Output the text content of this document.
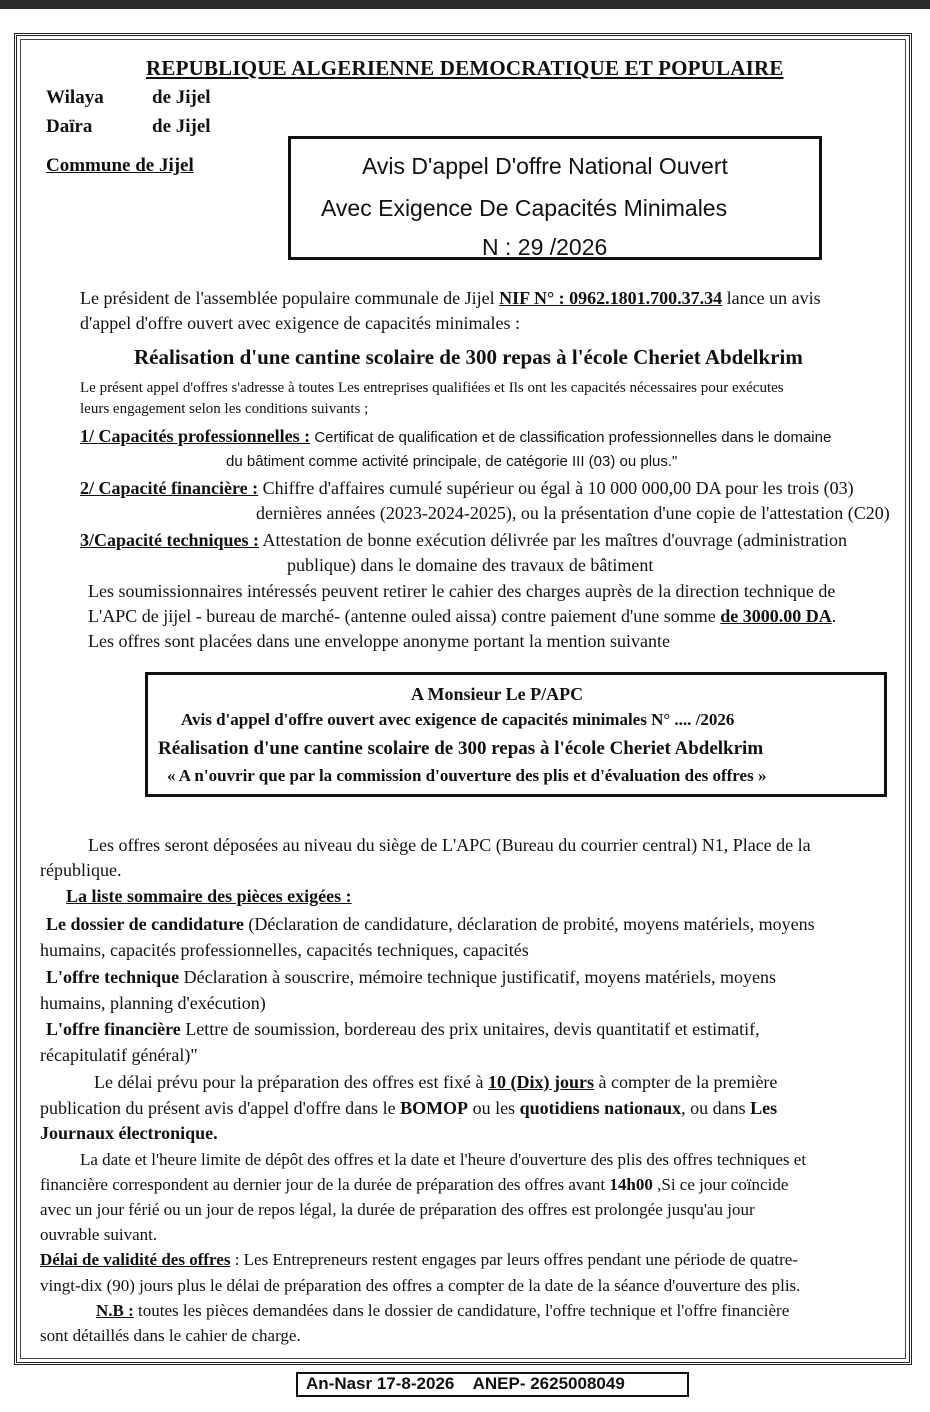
REPUBLIQUE ALGERIENNE DEMOCRATIQUE ET POPULAIRE
Wilaya	de Jijel
Daïra	de Jijel
Commune de Jijel	Avis D'appel D'offre National Ouvert
Avec Exigence De Capacités Minimales
N : 29 /2026
Le président de l'assemblée populaire communale de Jijel NIF N° : 0962.1801.700.37.34 lance un avis
d'appel d'offre ouvert avec exigence de capacités minimales :
Réalisation d'une cantine scolaire de 300 repas à l'école Cheriet Abdelkrim
Le présent appel d'offres s'adresse à toutes Les entreprises qualifiées et Ils ont les capacités nécessaires pour exécutes
leurs engagement selon les conditions suivants ;
1/ Capacités professionnelles : Certificat de qualification et de classification professionnelles dans le domaine
du bâtiment comme activité principale, de catégorie III (03) ou plus."
2/ Capacité financière : Chiffre d'affaires cumulé supérieur ou égal à 10 000 000,00 DA pour les trois (03)
dernières années (2023-2024-2025), ou la présentation d'une copie de l'attestation (C20)
3/Capacité techniques : Attestation de bonne exécution délivrée par les maîtres d'ouvrage (administration
publique) dans le domaine des travaux de bâtiment
Les soumissionnaires intéressés peuvent retirer le cahier des charges auprès de la direction technique de
L'APC de jijel - bureau de marché- (antenne ouled aissa) contre paiement d'une somme de 3000.00 DA.
Les offres sont placées dans une enveloppe anonyme portant la mention suivante
A Monsieur Le P/APC
Avis d'appel d'offre ouvert avec exigence de capacités minimales N° .... /2026
Réalisation d'une cantine scolaire de 300 repas à l'école Cheriet Abdelkrim
« A n'ouvrir que par la commission d'ouverture des plis et d'évaluation des offres »
Les offres seront déposées au niveau du siège de L'APC (Bureau du courrier central) N1, Place de la
république.
La liste sommaire des pièces exigées :
Le dossier de candidature (Déclaration de candidature, déclaration de probité, moyens matériels, moyens
humains, capacités professionnelles, capacités techniques, capacités
L'offre technique Déclaration à souscrire, mémoire technique justificatif, moyens matériels, moyens
humains, planning d'exécution)
L'offre financière Lettre de soumission, bordereau des prix unitaires, devis quantitatif et estimatif,
récapitulatif général)"
Le délai prévu pour la préparation des offres est fixé à 10 (Dix) jours à compter de la première
publication du présent avis d'appel d'offre dans le BOMOP ou les quotidiens nationaux, ou dans Les
Journaux électronique.
La date et l'heure limite de dépôt des offres et la date et l'heure d'ouverture des plis des offres techniques et
financière correspondent au dernier jour de la durée de préparation des offres avant 14h00 ,Si ce jour coïncide
avec un jour férié ou un jour de repos légal, la durée de préparation des offres est prolongée jusqu'au jour
ouvrable suivant.
Délai de validité des offres : Les Entrepreneurs restent engages par leurs offres pendant une période de quatre-
vingt-dix (90) jours plus le délai de préparation des offres a compter de la date de la séance d'ouverture des plis.
N.B : toutes les pièces demandées dans le dossier de candidature, l'offre technique et l'offre financière
sont détaillés dans le cahier de charge.
An-Nasr 17-8-2026    ANEP- 2625008049
